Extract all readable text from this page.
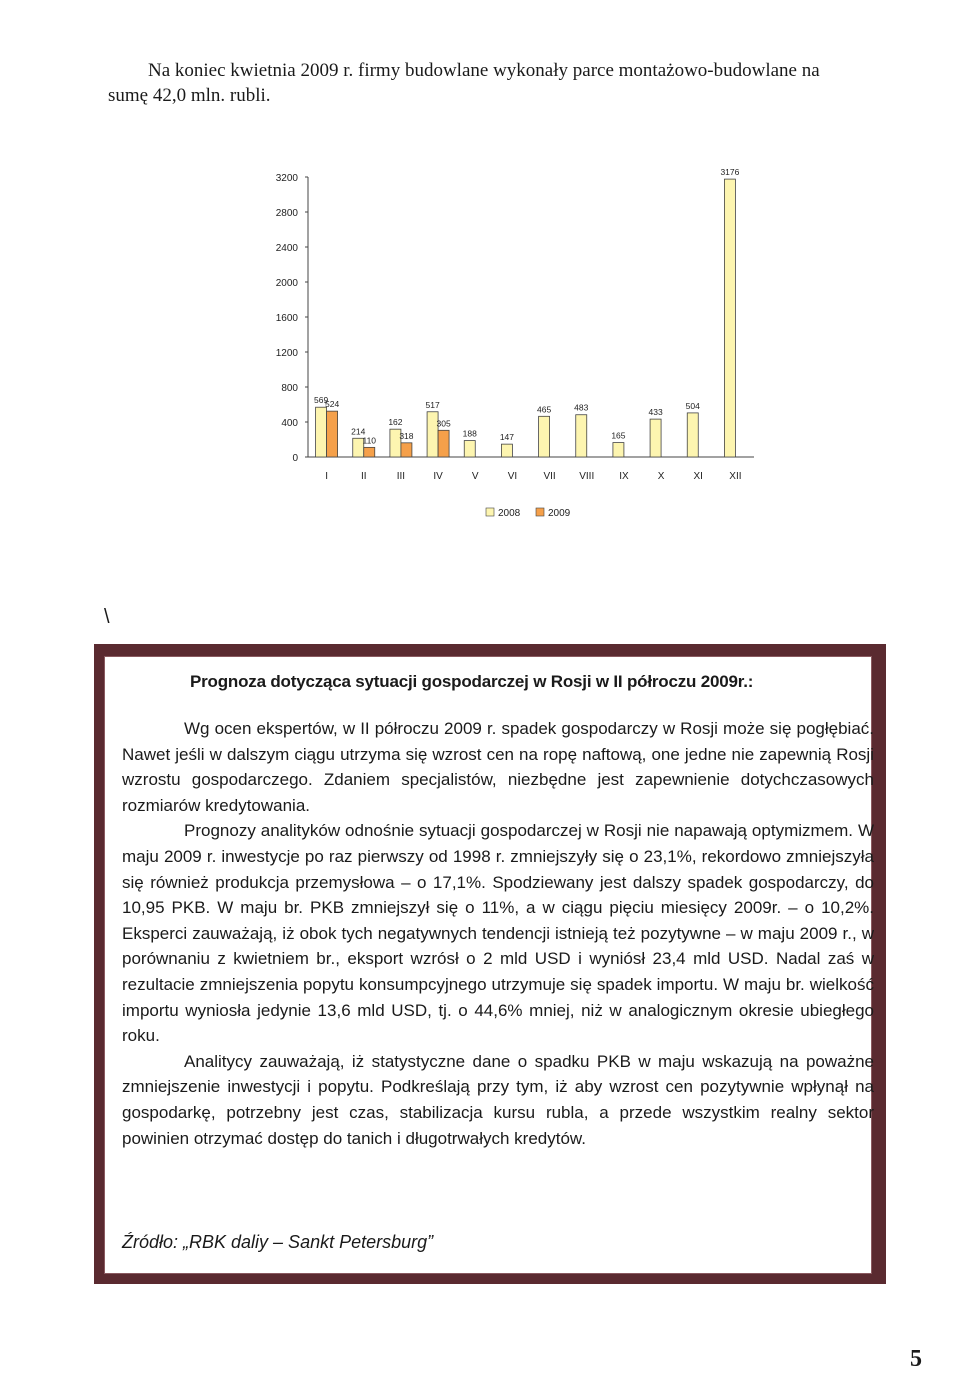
Na koniec kwietnia 2009 r. firmy budowlane wykonały parce montażowo-budowlane na
sumę 42,0 mln. rubli.
0
400
800
1200
1600
2000
2400
2800
3200
569
524
214
110
162
318
517
305
188	147
465	483
165
433
504
3176
I	II	III	IV	V	VI	VII VIII IX	X	XI	XII
2008	2009
\
Prognoza dotycząca sytuacji gospodarczej w Rosji w II półroczu 2009r.:

Wg ocen ekspertów, w II półroczu 2009 r. spadek gospodarczy w Rosji może się pogłębiać. Nawet jeśli w dalszym ciągu utrzyma się wzrost cen na ropę naftową, one jedne nie zapewnią Rosji wzrostu gospodarczego. Zdaniem specjalistów, niezbędne jest zapewnienie dotychczasowych rozmiarów kredytowania.

Prognozy analityków odnośnie sytuacji gospodarczej w Rosji nie napawają optymizmem. W maju 2009 r. inwestycje po raz pierwszy od 1998 r. zmniejszyły się o 23,1%, rekordowo zmniejszyła się również produkcja przemysłowa – o 17,1%. Spodziewany jest dalszy spadek gospodarczy, do 10,95 PKB. W maju br. PKB zmniejszył się o 11%, a w ciągu pięciu miesięcy 2009r. – o 10,2%. Eksperci zauważają, iż obok tych negatywnych tendencji istnieją też pozytywne – w maju 2009 r., w porównaniu z kwietniem br., eksport wzrósł o 2 mld USD i wyniósł 23,4 mld USD. Nadal zaś w rezultacie zmniejszenia popytu konsumpcyjnego utrzymuje się spadek importu. W maju br. wielkość importu wyniosła jedynie 13,6 mld USD, tj. o 44,6% mniej, niż w analogicznym okresie ubiegłego roku.

Analitycy zauważają, iż statystyczne dane o spadku PKB w maju wskazują na poważne zmniejszenie inwestycji i popytu. Podkreślają przy tym, iż aby wzrost cen pozytywnie wpłynął na gospodarkę, potrzebny jest czas, stabilizacja kursu rubla, a przede wszystkim realny sektor powinien otrzymać dostęp do tanich i długotrwałych kredytów.

Źródło: „RBK daliy – Sankt Petersburg”
5
